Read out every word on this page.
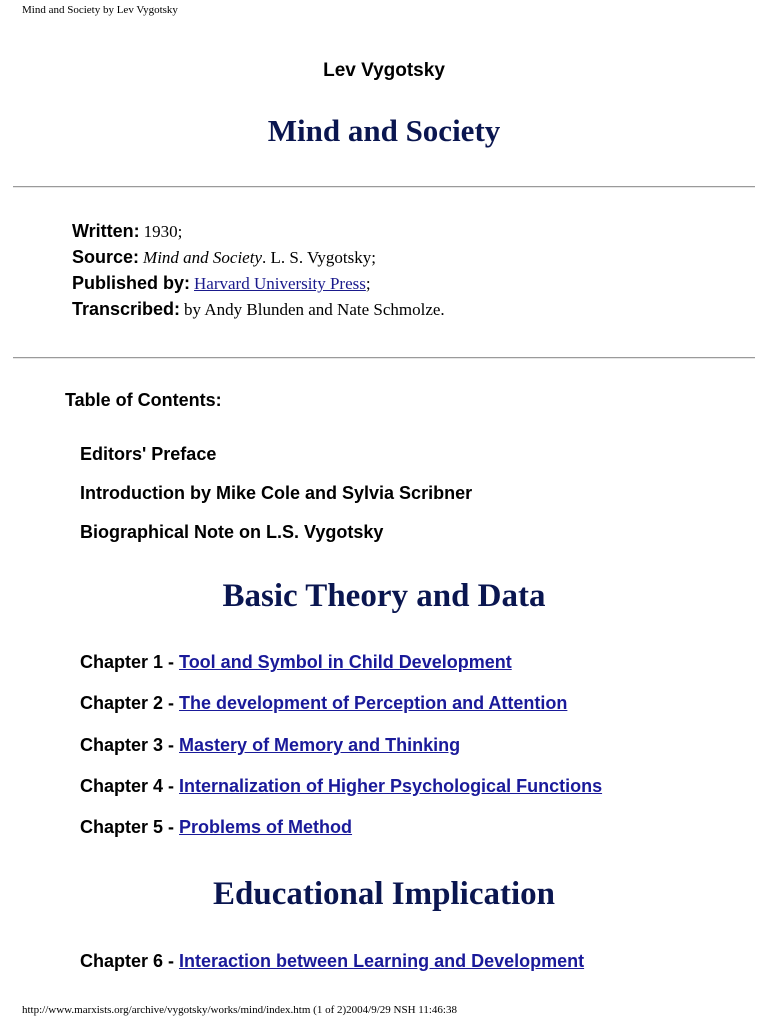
Mind and Society by Lev Vygotsky
Lev Vygotsky
Mind and Society
Written: 1930;
Source: Mind and Society. L. S. Vygotsky;
Published by: Harvard University Press;
Transcribed: by Andy Blunden and Nate Schmolze.
Table of Contents:
Editors' Preface
Introduction by Mike Cole and Sylvia Scribner
Biographical Note on L.S. Vygotsky
Basic Theory and Data
Chapter 1 - Tool and Symbol in Child Development
Chapter 2 - The development of Perception and Attention
Chapter 3 - Mastery of Memory and Thinking
Chapter 4 - Internalization of Higher Psychological Functions
Chapter 5 - Problems of Method
Educational Implication
Chapter 6 - Interaction between Learning and Development
http://www.marxists.org/archive/vygotsky/works/mind/index.htm (1 of 2)2004/9/29 NSH 11:46:38
